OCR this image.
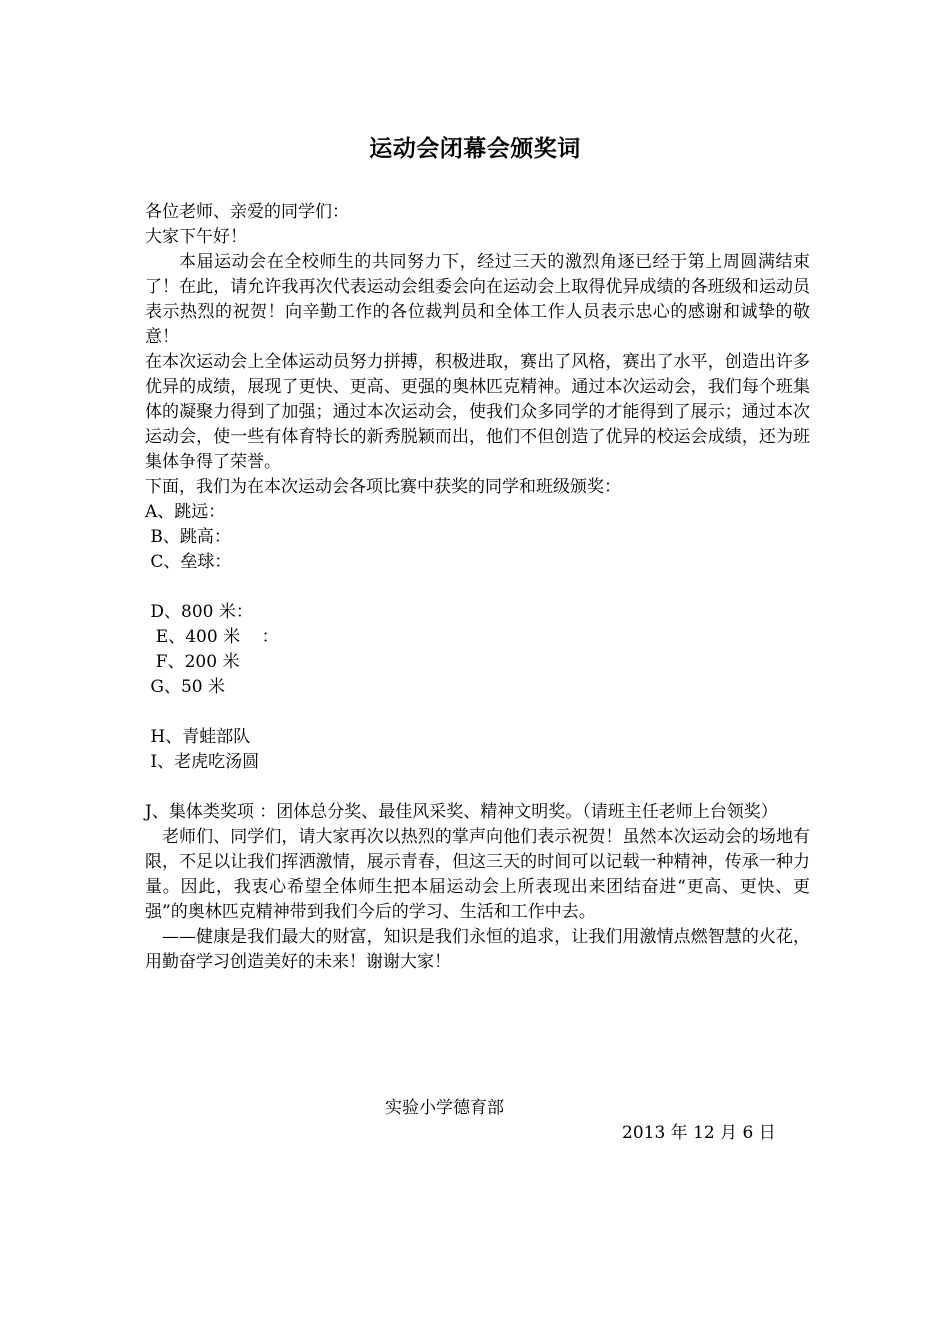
运动会闭幕会颁奖词

各位老师、亲爱的同学们：

大家下午好！

本届运动会在全校师生的共同努力下，经过三天的激烈角逐已经于第上周圆满结束了！在此，请允许我再次代表运动会组委会向在运动会上取得优异成绩的各班级和运动员表示热烈的祝贺！向辛勤工作的各位裁判员和全体工作人员表示忠心的感谢和诚挚的敬意！

在本次运动会上全体运动员努力拼搏，积极进取，赛出了风格，赛出了水平，创造出许多优异的成绩，展现了更快、更高、更强的奥林匹克精神。通过本次运动会，我们每个班集体的凝聚力得到了加强；通过本次运动会，使我们众多同学的才能得到了展示；通过本次运动会，使一些有体育特长的新秀脱颖而出，他们不但创造了优异的校运会成绩，还为班集体争得了荣誉。

下面，我们为在本次运动会各项比赛中获奖的同学和班级颁奖：

A、跳远：

B、跳高：

C、垒球：

D、800 米：

E、400 米    ：

F、200 米

G、50 米

H、青蛙部队

I、老虎吃汤圆

J、集体类奖项 ：团体总分奖、最佳风采奖、精神文明奖。（请班主任老师上台领奖）

老师们、同学们，请大家再次以热烈的掌声向他们表示祝贺！虽然本次运动会的场地有限，不足以让我们挥洒激情，展示青春，但这三天的时间可以记载一种精神，传承一种力量。因此，我衷心希望全体师生把本届运动会上所表现出来团结奋进“更高、更快、更强”的奥林匹克精神带到我们今后的学习、生活和工作中去。

——健康是我们最大的财富，知识是我们永恒的追求，让我们用激情点燃智慧的火花，用勤奋学习创造美好的未来！谢谢大家！

实验小学德育部
2013 年 12 月 6 日
